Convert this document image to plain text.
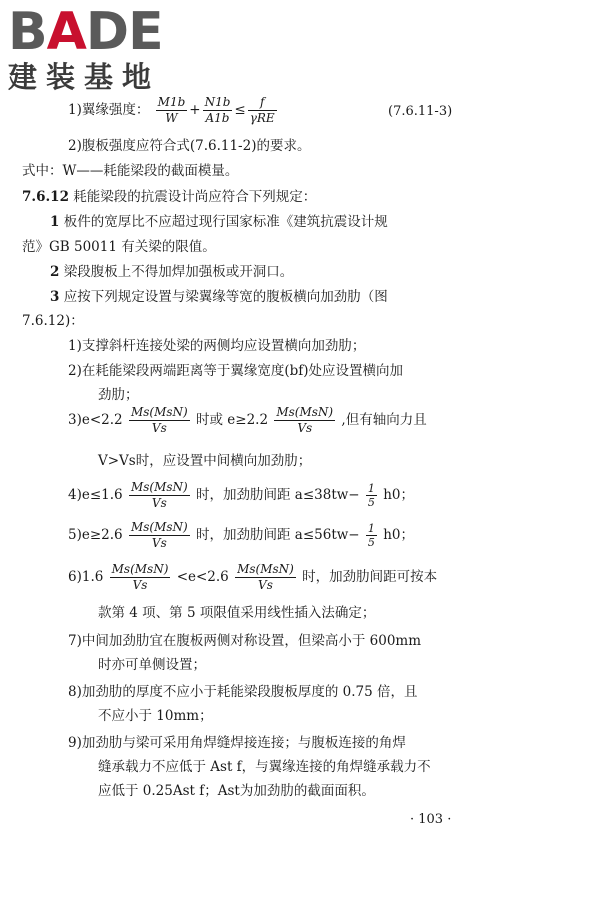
BADE
建装基地
1)翼缘强度： $\frac{M1b}{W} + \frac{N1b}{A1b} \le \frac{f}{\text{γRE}}$	(7.6.11-3)
2)腹板强度应符合式(7.6.11-2)的要求。
式中：W——耗能梁段的截面模量。
7.6.12 耗能梁段的抗震设计尚应符合下列规定：
1 板件的宽厚比不应超过现行国家标准《建筑抗震设计规
范》GB 50011 有关梁的限值。
2 梁段腹板上不得加焊加强板或开洞口。
3 应按下列规定设置与梁翼缘等宽的腹板横向加劲肋（图
7.6.12)：
1)支撑斜杆连接处梁的两侧均应设置横向加劲肋；
2)在耗能梁段两端距离等于翼缘宽度(bf)处应设置横向加
劲肋；
$3)e<2.2 \frac{\text{Ms(MsN)}}{Vs}$ 时或 $e\ge 2.2 \frac{\text{Ms(MsN)}}{Vs}$ ,但有轴向力且
V>Vs时，应设置中间横向加劲肋；
$4)e\le 1.6 \frac{\text{Ms(MsN)}}{Vs}$ 时，加劲肋间距 $a\le 38tw- \frac{1}{5} h0$；
$5)e\ge 2.6 \frac{\text{Ms(MsN)}}{Vs}$ 时，加劲肋间距 $a\le 56tw- \frac{1}{5} h0$；
$6)1.6 \frac{\text{Ms(MsN)}}{Vs} <e<2.6 \frac{\text{Ms(MsN)}}{Vs}$ 时，加劲肋间距可按本
款第 4 项、第 5 项限值采用线性插入法确定；
7)中间加劲肋宜在腹板两侧对称设置，但梁高小于 600mm
时亦可单侧设置；
8)加劲肋的厚度不应小于耗能梁段腹板厚度的 0.75 倍，且
不应小于 10mm；
9)加劲肋与梁可采用角焊缝焊接连接；与腹板连接的角焊
缝承载力不应低于 Ast f，与翼缘连接的角焊缝承载力不
应低于 0.25Ast f；Ast为加劲肋的截面面积。
· 103 ·
